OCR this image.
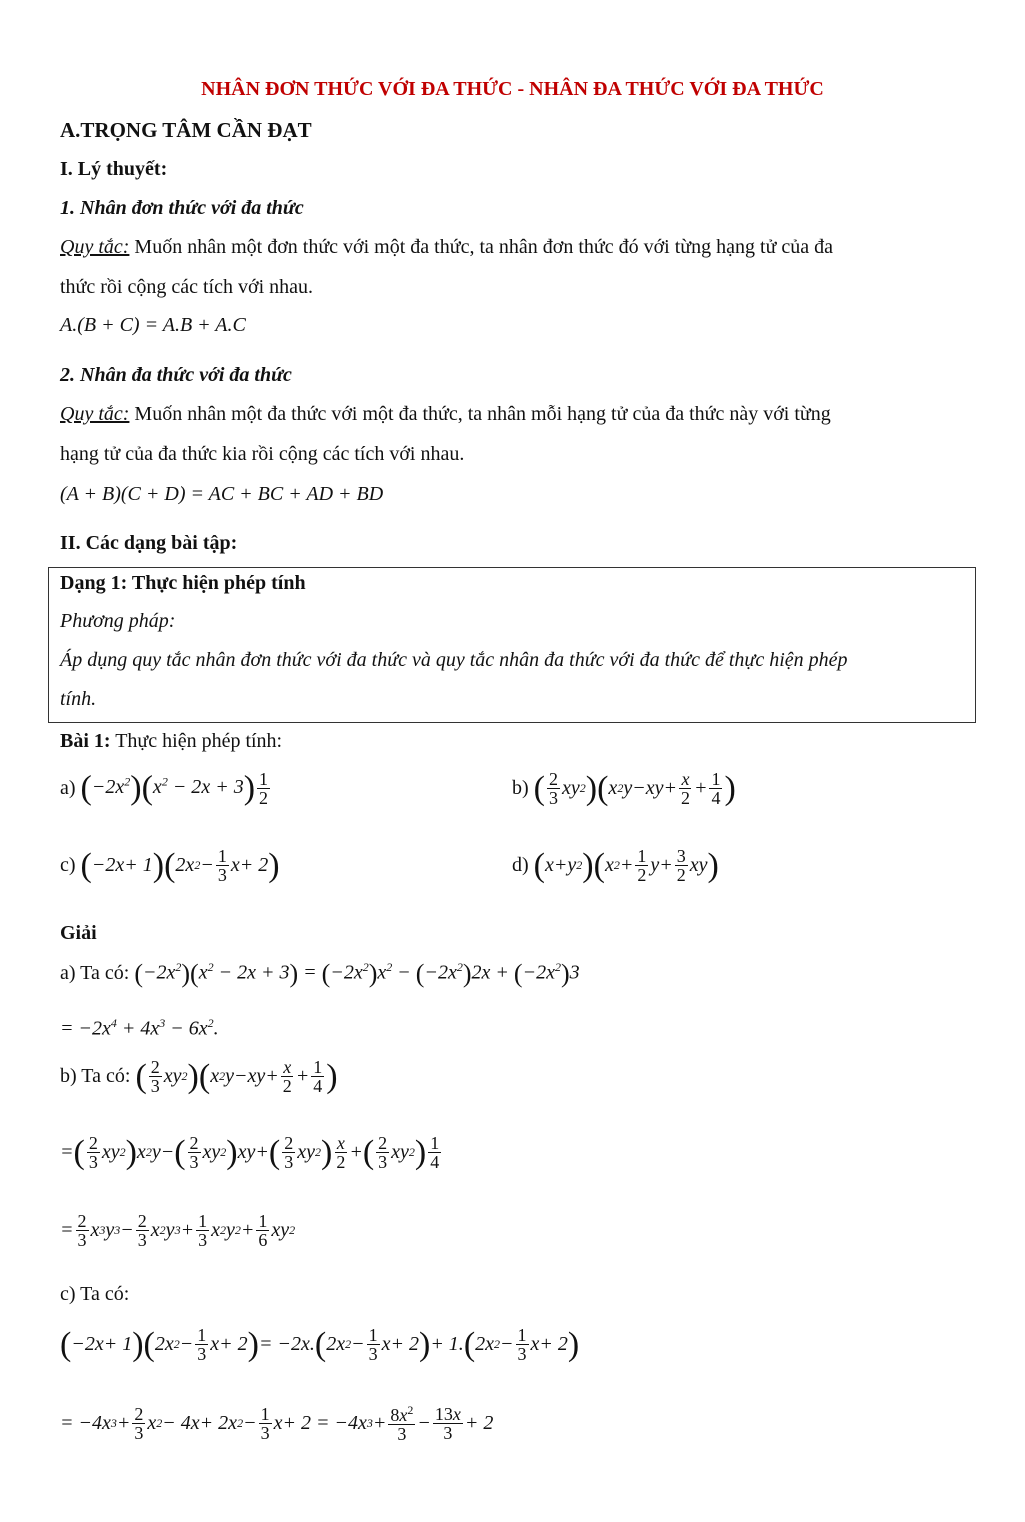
NHÂN ĐƠN THỨC VỚI ĐA THỨC - NHÂN ĐA THỨC VỚI ĐA THỨC
A.TRỌNG TÂM CẦN ĐẠT
I. Lý thuyết:
1. Nhân đơn thức với đa thức
Quy tắc: Muốn nhân một đơn thức với một đa thức, ta nhân đơn thức đó với từng hạng tử của đa
thức rồi cộng các tích với nhau.
A.(B + C) = A.B + A.C
2. Nhân đa thức với đa thức
Quy tắc: Muốn nhân một đa thức với một đa thức, ta nhân mỗi hạng tử của đa thức này với từng
hạng tử của đa thức kia rồi cộng các tích với nhau.
(A + B)(C + D) = AC + BC + AD + BD
II. Các dạng bài tập:
Dạng 1: Thực hiện phép tính
Phương pháp:
Áp dụng quy tắc nhân đơn thức với đa thức và quy tắc nhân đa thức với đa thức để thực hiện phép
tính.
Bài 1: Thực hiện phép tính:
a)
$(-2x^2)(x^2 - 2x + 3) \frac{1}{2}$	b)
( $\frac{2}{3}$ xy 2 ) ( x 2 y − xy + $\frac{x}{2} + \frac{1}{4}$ )
c)
( −2 x + 1 ) ( 2 x $2 - \frac{1}{3}$ x + 2 )	d)
( x + y 2 ) ( x $2 + \frac{1}{2}$ $y + \frac{3}{2}$ xy )
Giải
a) Ta có:
$(-2x^2)(x^2 - 2x + 3) = (-2x^2)x^2 - (-2x^2)2x + (-2x^2)3$
= $-2x^4 + 4x^3 - 6x^2$.
b) Ta có:
( $\frac{2}{3}$ xy 2 ) ( x 2 y − xy + $\frac{x}{2} + \frac{1}{4}$ )
= ( $\frac{2}{3}$ xy 2 ) x 2 y − ( $\frac{2}{3}$ xy 2 ) xy + ( $\frac{2}{3}$ xy 2 ) $\frac{x}{2}$ + ( $\frac{2}{3}$ xy 2 ) $\frac{1}{4}$
= $\frac{2}{3}$ x 3 y $3 - \frac{2}{3}$ x 2 y $3 + \frac{1}{3}$ x 2 y $2 + \frac{1}{6}$ xy 2
c) Ta có:
( −2 x + 1 ) ( 2 x $2 - \frac{1}{3}$ x + 2 ) = −2 x . ( 2 x $2 - \frac{1}{3}$ x + 2 ) + 1. ( 2 x $2 - \frac{1}{3}$ x + 2 )
= −4 x $3 + \frac{2}{3}$ x 2 − 4 x + 2 x $2 - \frac{1}{3}$ x + 2 = −4 x $3 + \frac{8x^2}{3} - \frac{13x}{3} + 2$
